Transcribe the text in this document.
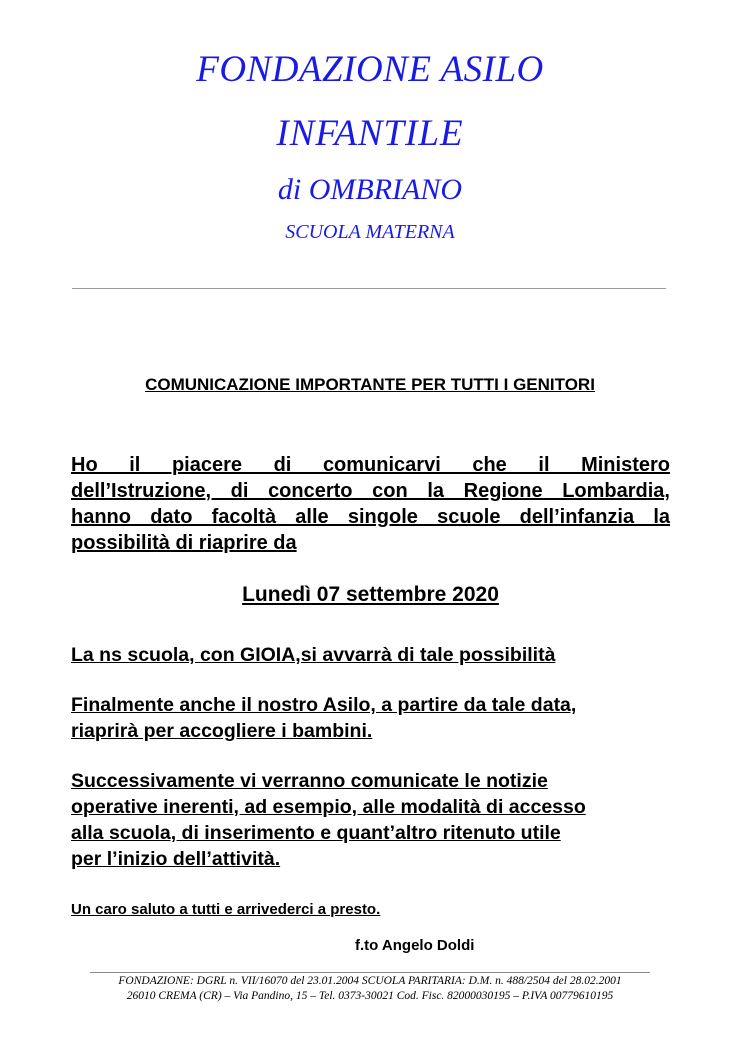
FONDAZIONE ASILO
INFANTILE
di OMBRIANO
SCUOLA MATERNA
COMUNICAZIONE IMPORTANTE PER TUTTI I GENITORI
Ho il piacere di comunicarvi che il Ministero
dell’Istruzione, di concerto con la Regione Lombardia,
hanno dato facoltà alle singole scuole dell’infanzia la
possibilità di riaprire da
Lunedì 07 settembre 2020
La ns scuola, con GIOIA,si avvarrà di tale possibilità
Finalmente anche il nostro Asilo, a partire da tale data,
riaprirà per accogliere i bambini.
Successivamente vi verranno comunicate le notizie
operative inerenti, ad esempio, alle modalità di accesso
alla scuola, di inserimento e quant’altro ritenuto utile
per l’inizio dell’attività.
Un caro saluto a tutti e arrivederci a presto.
f.to Angelo Doldi
FONDAZIONE: DGRL n. VII/16070 del 23.01.2004 SCUOLA PARITARIA: D.M. n. 488/2504 del 28.02.2001
26010 CREMA (CR) – Via Pandino, 15 – Tel. 0373-30021 Cod. Fisc. 82000030195 – P.IVA 00779610195
